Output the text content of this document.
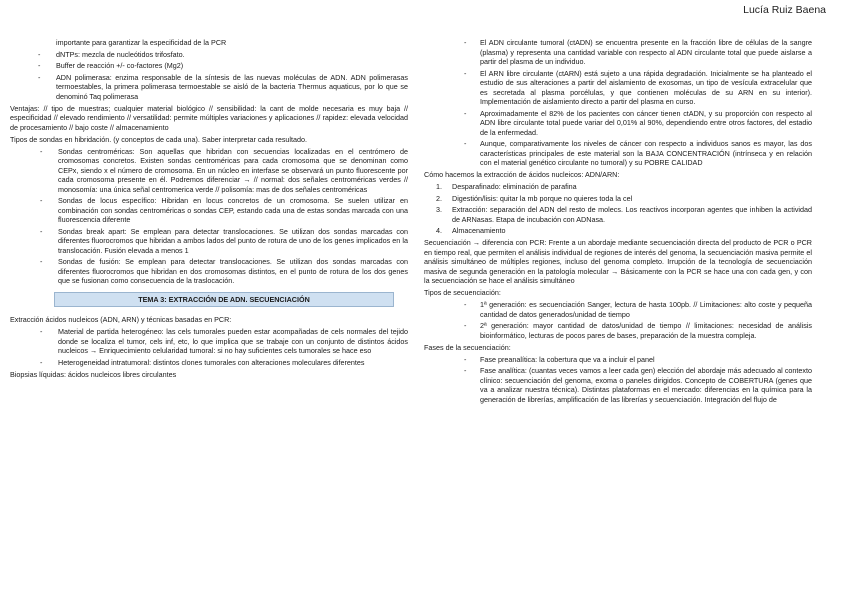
Lucía Ruiz Baena
importante para garantizar la especificidad de la PCR
- dNTPs: mezcla de nucleótidos trifosfato.
- Buffer de reacción +/- co-factores (Mg2)
- ADN polimerasa: enzima responsable de la síntesis de las nuevas moléculas de ADN. ADN polimerasas termoestables, la primera polimerasa termoestable se aisló de la bacteria Thermus aquaticus, por lo que se denominó Taq polimerasa

Ventajas: // tipo de muestras; cualquier material biológico // sensibilidad: la cant de molde necesaria es muy baja // especificidad // elevado rendimiento // versatilidad: permite múltiples variaciones y aplicaciones // rapidez: elevada velocidad de procesamiento // bajo coste // almacenamiento

Tipos de sondas en hibridación. (y conceptos de cada una). Saber interpretar cada resultado.

- Sondas centroméricas: Son aquellas que hibridan con secuencias localizadas en el centrómero de cromosomas concretos. Existen sondas centroméricas para cada cromosoma que se denominan como CEPx, siendo x el número de cromosoma. En un núcleo en interfase se observará un punto fluorescente por cada cromosoma presente en él. Podremos diferenciar → // normal: dos señales centroméricas verdes // monosomía: una única señal centromerica verde // polisomía: mas de dos señales centroméricas
- Sondas de locus específico: Hibridan en locus concretos de un cromosoma. Se suelen utilizar en combinación con sondas centroméricas o sondas CEP, estando cada una de estas sondas marcada con una fluorescencia diferente
- Sondas break apart: Se emplean para detectar translocaciones. Se utilizan dos sondas marcadas con diferentes fluorocromos que hibridan a ambos lados del punto de rotura de uno de los genes implicados en la translocación. Fusión elevada a menos 1
- Sondas de fusión: Se emplean para detectar translocaciones. Se utilizan dos sondas marcadas con diferentes fluorocromos que hibridan en dos cromosomas distintos, en el punto de rotura de los dos genes que se fusionan como consecuencia de la traslocación.
TEMA 3: EXTRACCIÓN DE ADN. SECUENCIACIÓN

Extracción ácidos nucleicos (ADN, ARN) y técnicas basadas en PCR:

- Material de partida heterogéneo: las cels tumorales pueden estar acompañadas de cels normales del tejido donde se localiza el tumor, cels inf, etc, lo que implica que se trabaje con un conjunto de distintos ácidos nucleicos → Enriquecimiento celularidad tumoral: si no hay suficientes cels tumorales se hace eso
- Heterogeneidad intratumoral: distintos clones tumorales con alteraciones moleculares diferentes

Biopsias líquidas: ácidos nucleicos libres circulantes

- El ADN circulante tumoral (ctADN) se encuentra presente en la fracción libre de células de la sangre (plasma) y representa una cantidad variable con respecto al ADN circulante total que puede aislarse a partir del plasma de un individuo.
- El ARN libre circulante (ctARN) está sujeto a una rápida degradación. Inicialmente se ha planteado el estudio de sus alteraciones a partir del aislamiento de exosomas, un tipo de vesícula extracelular que es secretada al plasma porcélulas, y que contienen moléculas de su ARN en su interior). Implementación de aislamiento directo a partir del plasma en curso.
- Aproximadamente el 82% de los pacientes con cáncer tienen ctADN, y su proporción con respecto al ADN libre circulante total puede variar del 0,01% al 90%, dependiendo entre otros factores, del estadio de la enfermedad.
- Aunque, comparativamente los niveles de cáncer con respecto a individuos sanos es mayor, las dos características principales de este material son la BAJA CONCENTRACIÓN (intrínseca y en relación con el material genético circulante no tumoral) y su POBRE CALIDAD

Cómo hacemos la extracción de ácidos nucleicos: ADN/ARN:

1. Desparafinado: eliminación de parafina
2. Digestión/lisis: quitar la mb porque no quieres toda la cel
3. Extracción: separación del ADN del resto de molecs. Los reactivos incorporan agentes que inhiben la actividad de ARNasas. Etapa de incubación con ADNasa.
4. Almacenamiento

Secuenciación → diferencia con PCR: Frente a un abordaje mediante secuenciación directa del producto de PCR o PCR en tiempo real, que permiten el análisis individual de regiones de interés del genoma, la secuenciación masiva permite el análisis simultáneo de múltiples regiones, incluso del genoma completo. Irrupción de la tecnología de secuenciación masiva de segunda generación en la patología molecular → Básicamente con la PCR se hace una con cada gen, y con la secuenciación se hace el análisis simultáneo

Tipos de secuenciación:

- 1ª generación: es secuenciación Sanger, lectura de hasta 100pb. // Limitaciones: alto coste y pequeña cantidad de datos generados/unidad de tiempo
- 2ª generación: mayor cantidad de datos/unidad de tiempo // limitaciones: necesidad de análisis bioinformático, lecturas de pocos pares de bases, preparación de la muestra compleja.

Fases de la secuenciación:

- Fase preanalítica: la cobertura que va a incluir el panel
- Fase analítica: (cuantas veces vamos a leer cada gen) elección del abordaje más adecuado al contexto clínico: secuenciación del genoma, exoma o paneles dirigidos. Concepto de COBERTURA (genes que va a analizar nuestra técnica). Distintas plataformas en el mercado: diferencias en la química para la generación de librerías, amplificación de las librerías y secuenciación. Integración del flujo de
